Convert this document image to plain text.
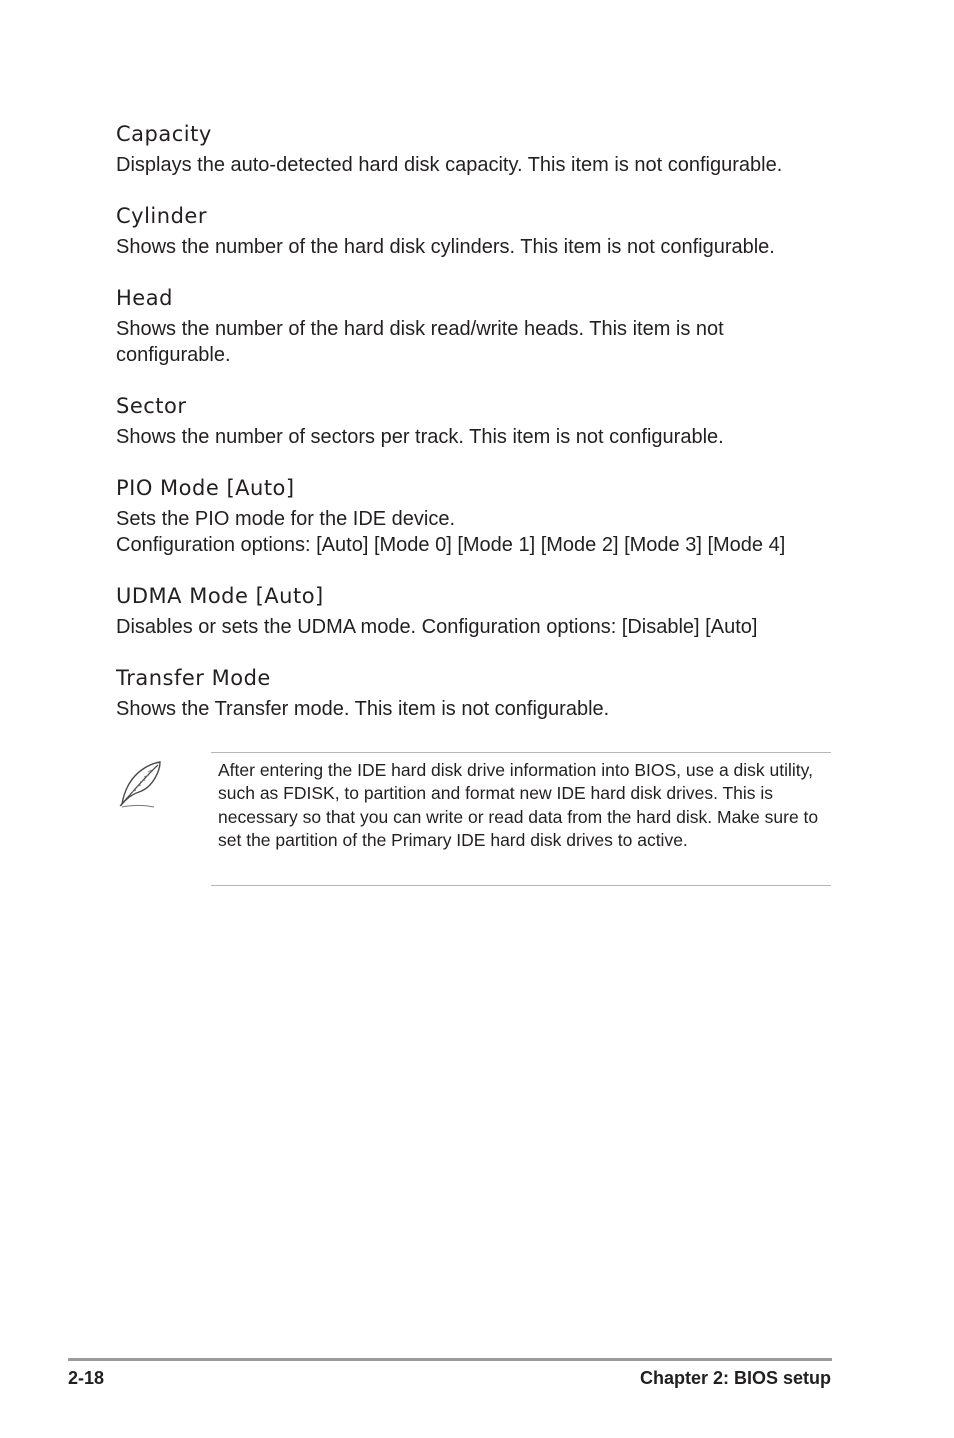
Capacity

Displays the auto-detected hard disk capacity. This item is not configurable.

Cylinder

Shows the number of the hard disk cylinders. This item is not configurable.

Head

Shows the number of the hard disk read/write heads. This item is not configurable.

Sector

Shows the number of sectors per track. This item is not configurable.

PIO Mode [Auto]

Sets the PIO mode for the IDE device.

Configuration options: [Auto] [Mode 0] [Mode 1] [Mode 2] [Mode 3] [Mode 4]

UDMA Mode [Auto]

Disables or sets the UDMA mode. Configuration options: [Disable] [Auto]

Transfer Mode

Shows the Transfer mode. This item is not configurable.

After entering the IDE hard disk drive information into BIOS, use a disk utility, such as FDISK, to partition and format new IDE hard disk drives. This is necessary so that you can write or read data from the hard disk. Make sure to set the partition of the Primary IDE hard disk drives to active.

2-18	Chapter 2: BIOS setup
